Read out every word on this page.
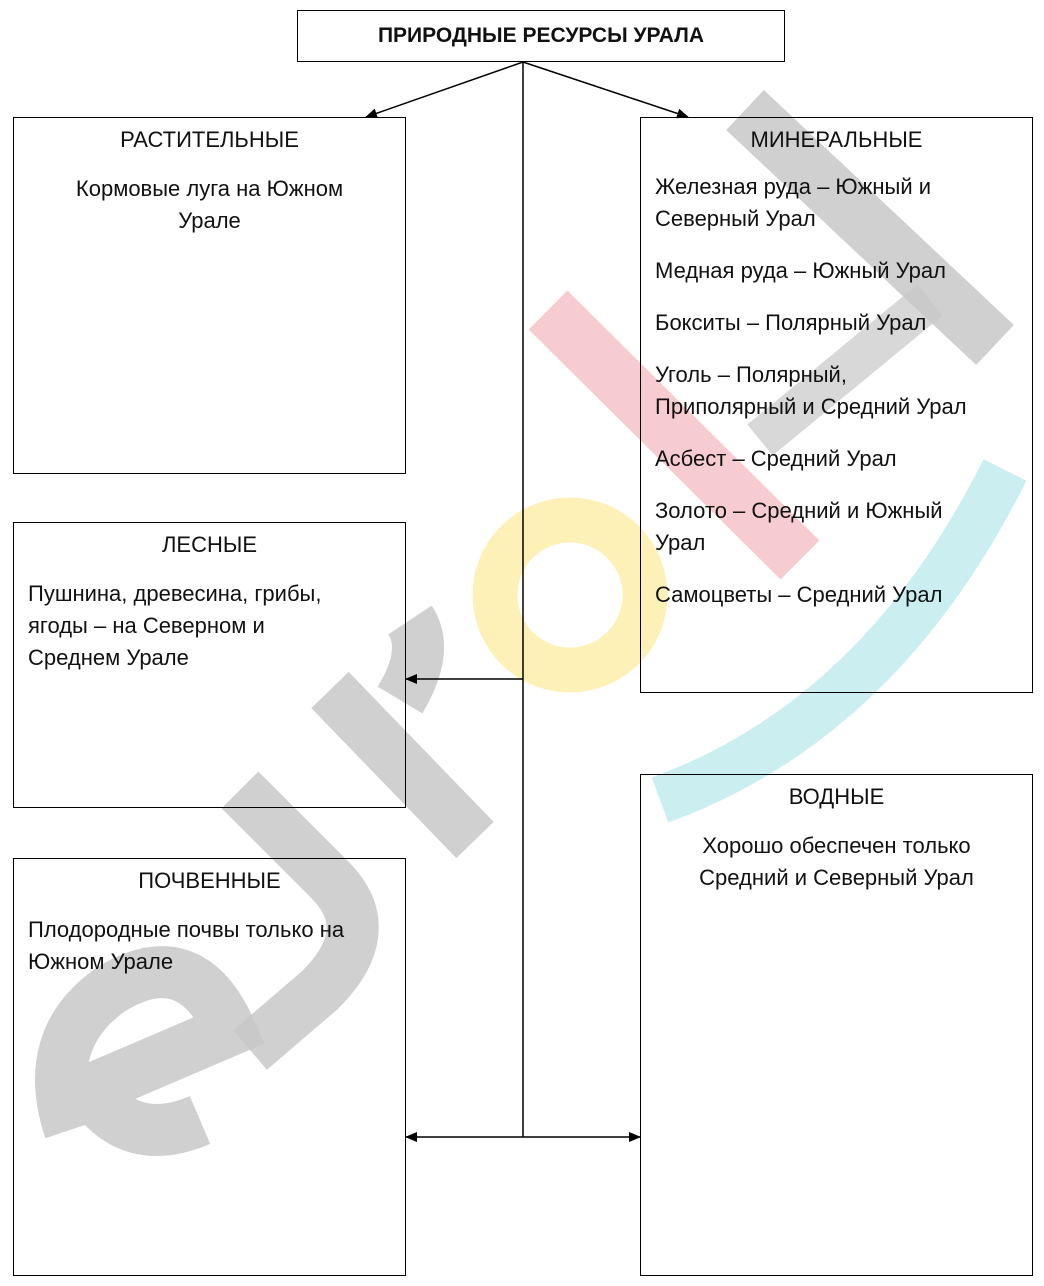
ПРИРОДНЫЕ РЕСУРСЫ УРАЛА
РАСТИТЕЛЬНЫЕ
Кормовые луга на Южном
Урале
ЛЕСНЫЕ
Пушнина, древесина, грибы,
ягоды – на Северном и
Среднем Урале
ПОЧВЕННЫЕ
Плодородные почвы только на
Южном Урале
МИНЕРАЛЬНЫЕ
Железная руда – Южный и
Северный Урал
Медная руда – Южный Урал
Бокситы – Полярный Урал
Уголь – Полярный,
Приполярный и Средний Урал
Асбест – Средний Урал
Золото – Средний и Южный
Урал
Самоцветы – Средний Урал
ВОДНЫЕ
Хорошо обеспечен только
Средний и Северный Урал
